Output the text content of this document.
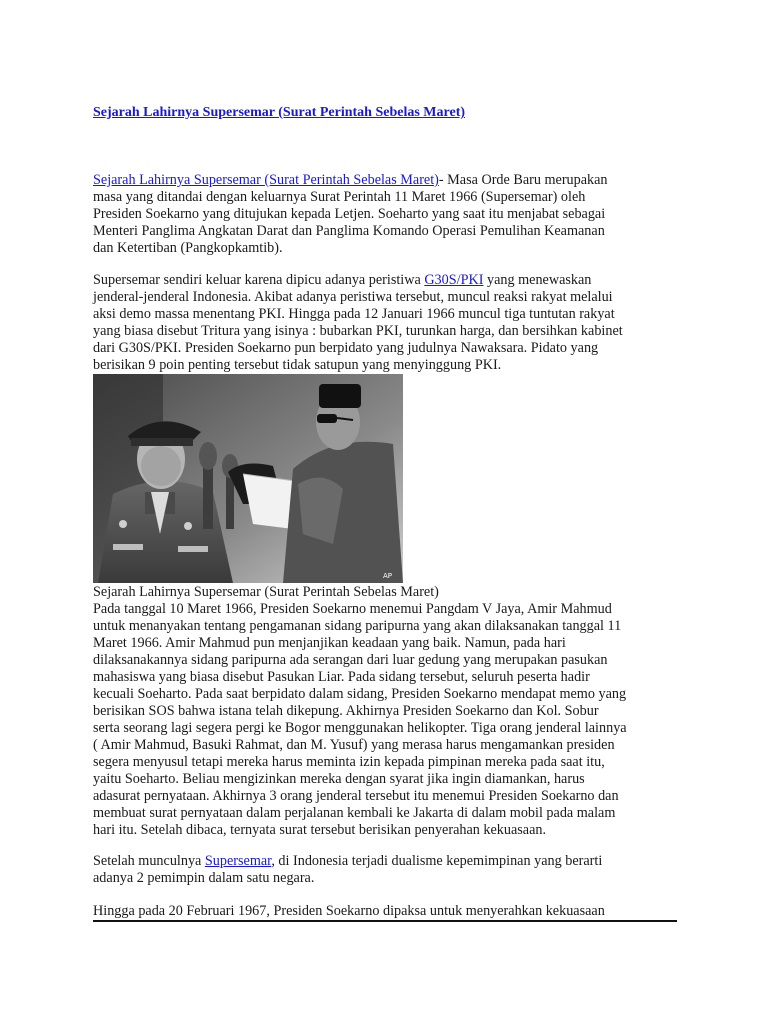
Sejarah Lahirnya Supersemar (Surat Perintah Sebelas Maret)
Sejarah Lahirnya Supersemar (Surat Perintah Sebelas Maret)- Masa Orde Baru merupakan
masa yang ditandai dengan keluarnya Surat Perintah 11 Maret 1966 (Supersemar) oleh
Presiden Soekarno yang ditujukan kepada Letjen. Soeharto yang saat itu menjabat sebagai
Menteri Panglima Angkatan Darat dan Panglima Komando Operasi Pemulihan Keamanan
dan Ketertiban (Pangkopkamtib).
Supersemar sendiri keluar karena dipicu adanya peristiwa G30S/PKI yang menewaskan
jenderal-jenderal Indonesia. Akibat adanya peristiwa tersebut, muncul reaksi rakyat melalui
aksi demo massa menentang PKI. Hingga pada 12 Januari 1966 muncul tiga tuntutan rakyat
yang biasa disebut Tritura yang isinya : bubarkan PKI, turunkan harga, dan bersihkan kabinet
dari G30S/PKI. Presiden Soekarno pun berpidato yang judulnya Nawaksara. Pidato yang
berisikan 9 poin penting tersebut tidak satupun yang menyinggung PKI.
AP
Sejarah Lahirnya Supersemar (Surat Perintah Sebelas Maret)
Pada tanggal 10 Maret 1966, Presiden Soekarno menemui Pangdam V Jaya, Amir Mahmud
untuk menanyakan tentang pengamanan sidang paripurna yang akan dilaksanakan tanggal 11
Maret 1966. Amir Mahmud pun menjanjikan keadaan yang baik. Namun, pada hari
dilaksanakannya sidang paripurna ada serangan dari luar gedung yang merupakan pasukan
mahasiswa yang biasa disebut Pasukan Liar. Pada sidang tersebut, seluruh peserta hadir
kecuali Soeharto. Pada saat berpidato dalam sidang, Presiden Soekarno mendapat memo yang
berisikan SOS bahwa istana telah dikepung. Akhirnya Presiden Soekarno dan Kol. Sobur
serta seorang lagi segera pergi ke Bogor menggunakan helikopter. Tiga orang jenderal lainnya
( Amir Mahmud, Basuki Rahmat, dan M. Yusuf) yang merasa harus mengamankan presiden
segera menyusul tetapi mereka harus meminta izin kepada pimpinan mereka pada saat itu,
yaitu Soeharto. Beliau mengizinkan mereka dengan syarat jika ingin diamankan, harus
adasurat pernyataan. Akhirnya 3 orang jenderal tersebut itu menemui Presiden Soekarno dan
membuat surat pernyataan dalam perjalanan kembali ke Jakarta di dalam mobil pada malam
hari itu. Setelah dibaca, ternyata surat tersebut berisikan penyerahan kekuasaan.
Setelah munculnya Supersemar, di Indonesia terjadi dualisme kepemimpinan yang berarti
adanya 2 pemimpin dalam satu negara.
Hingga pada 20 Februari 1967, Presiden Soekarno dipaksa untuk menyerahkan kekuasaan
